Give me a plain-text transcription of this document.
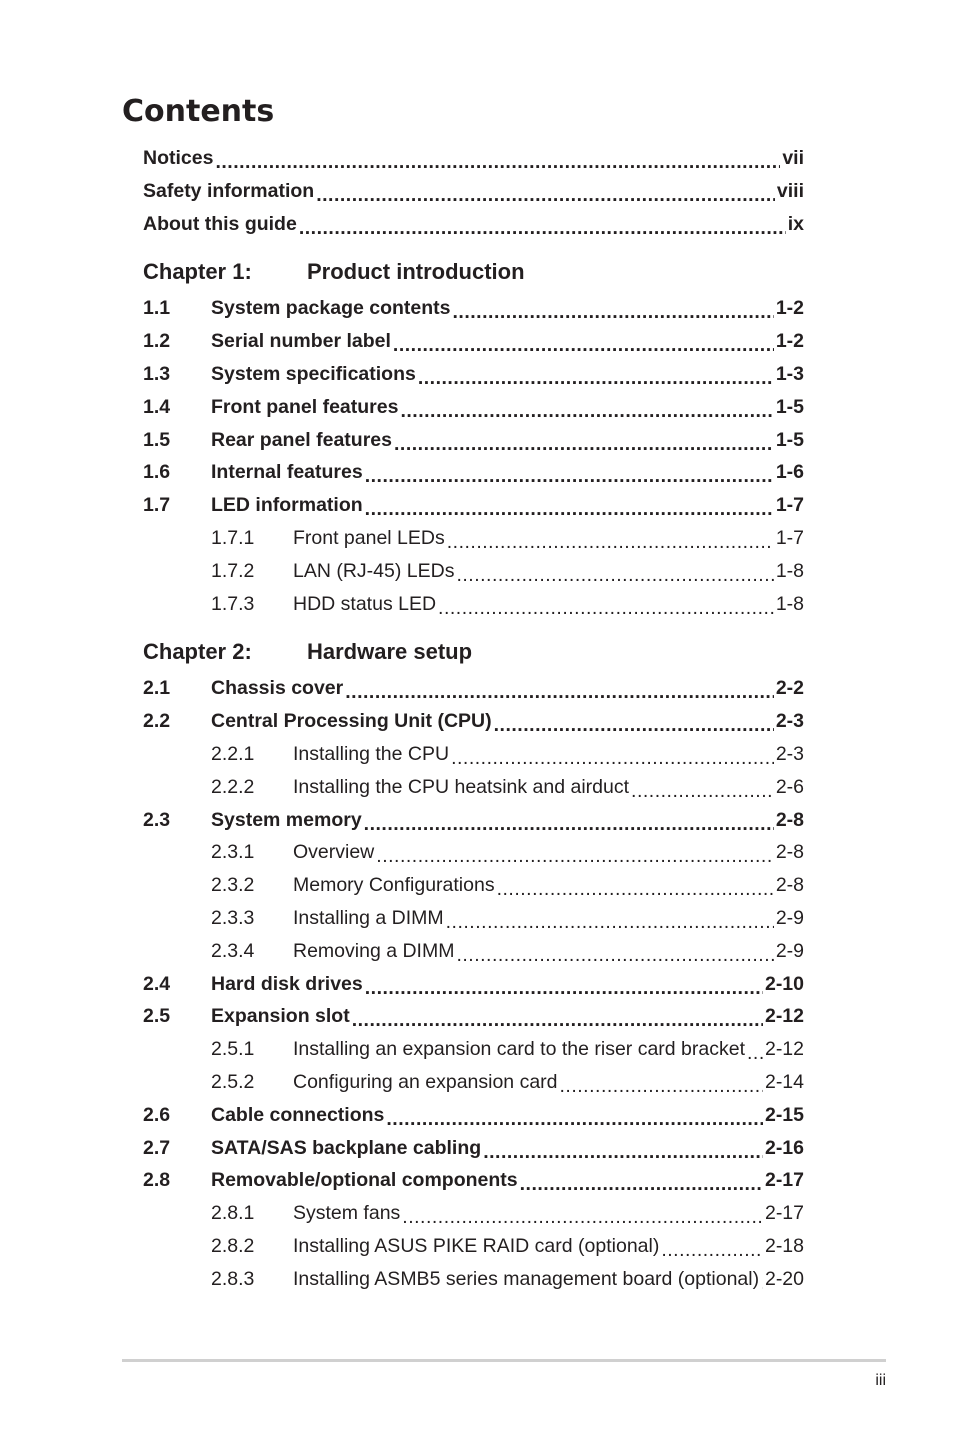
Contents
Notices .....	vii
Safety information .....	viii
About this guide .....	ix
Chapter 1:	Product introduction
1.1	System package contents .....	1-2
1.2	Serial number label .....	1-2
1.3	System specifications .....	1-3
1.4	Front panel features .....	1-5
1.5	Rear panel features .....	1-5
1.6	Internal features .....	1-6
1.7	LED information .....	1-7
1.7.1	Front panel LEDs .....	1-7
1.7.2	LAN (RJ-45) LEDs .....	1-8
1.7.3	HDD status LED .....	1-8
Chapter 2:	Hardware setup
2.1	Chassis cover .....	2-2
2.2	Central Processing Unit (CPU) .....	2-3
2.2.1	Installing the CPU .....	2-3
2.2.2	Installing the CPU heatsink and airduct .....	2-6
2.3	System memory .....	2-8
2.3.1	Overview .....	2-8
2.3.2	Memory Configurations .....	2-8
2.3.3	Installing a DIMM .....	2-9
2.3.4	Removing a DIMM .....	2-9
2.4	Hard disk drives .....	2-10
2.5	Expansion slot .....	2-12
2.5.1	Installing an expansion card to the riser card bracket ..... 2-12
2.5.2	Configuring an expansion card .....	2-14
2.6	Cable connections .....	2-15
2.7	SATA/SAS backplane cabling .....	2-16
2.8	Removable/optional components .....	2-17
2.8.1	System fans .....	2-17
2.8.2	Installing ASUS PIKE RAID card (optional) .....	2-18
2.8.3	Installing ASMB5 series management board (optional) ..... 2-20
iii
